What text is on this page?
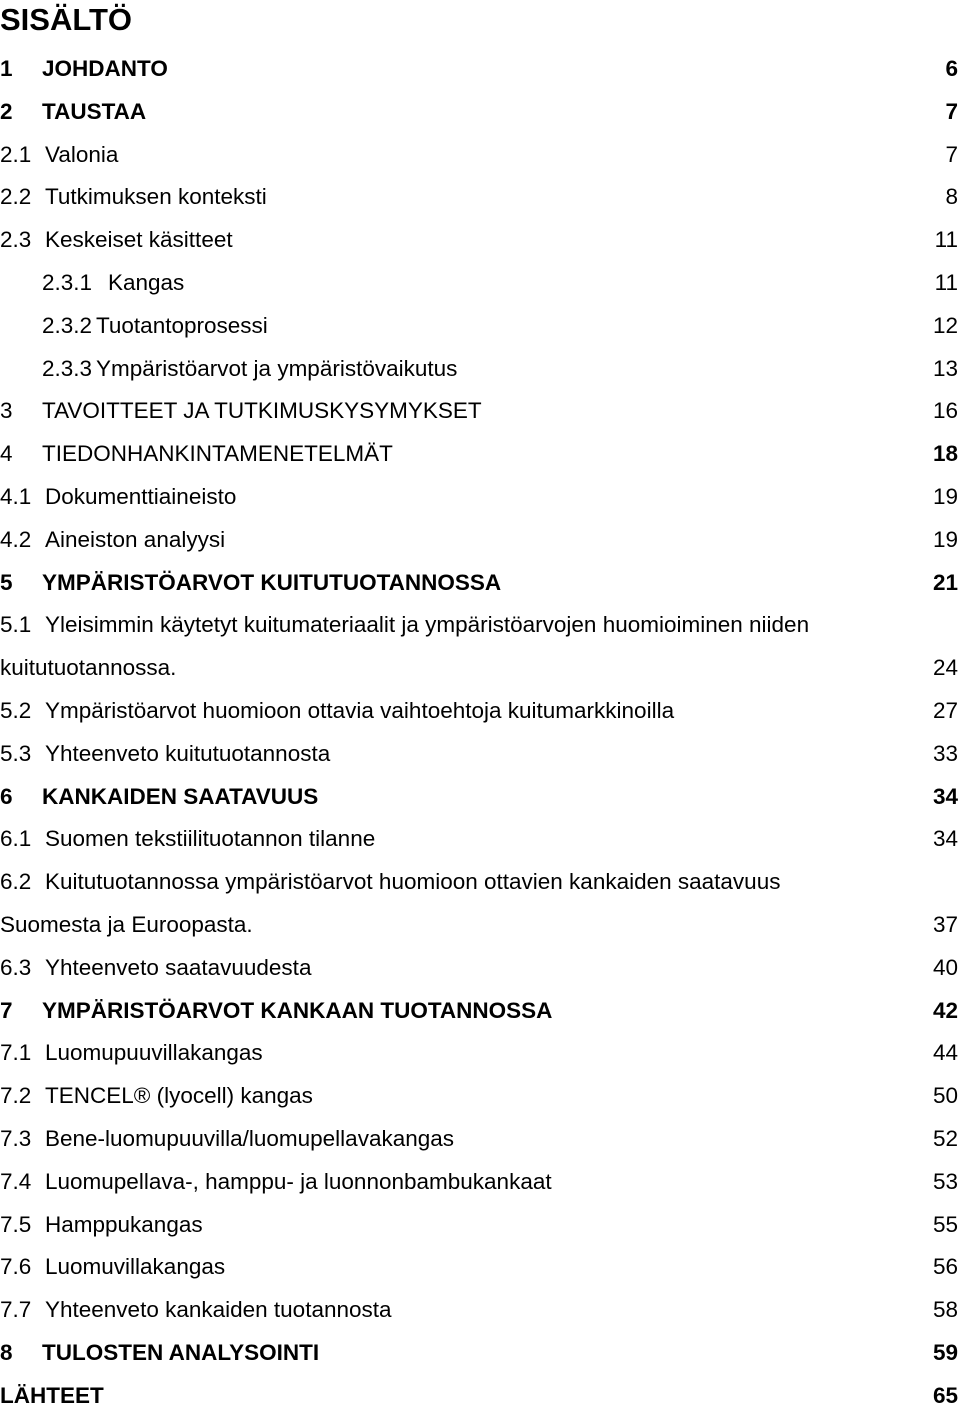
SISÄLTÖ
1 JOHDANTO	6
2 TAUSTAA	7
2.1 Valonia	7
2.2 Tutkimuksen konteksti	8
2.3 Keskeiset käsitteet	11
2.3.1 Kangas	11
2.3.2 Tuotantoprosessi	12
2.3.3 Ympäristöarvot ja ympäristövaikutus	13
3 TAVOITTEET JA TUTKIMUSKYSYMYKSET	16
4 TIEDONHANKINTAMENETELMÄT	18
4.1 Dokumenttiaineisto	19
4.2 Aineiston analyysi	19
5 YMPÄRISTÖARVOT KUITUTUOTANNOSSA	21
5.1 Yleisimmin käytetyt kuitumateriaalit ja ympäristöarvojen huomioiminen niiden
kuitutuotannossa.	24
5.2 Ympäristöarvot huomioon ottavia vaihtoehtoja kuitumarkkinoilla	27
5.3 Yhteenveto kuitutuotannosta	33
6 KANKAIDEN SAATAVUUS	34
6.1 Suomen tekstiilituotannon tilanne	34
6.2 Kuitutuotannossa ympäristöarvot huomioon ottavien kankaiden saatavuus
Suomesta ja Euroopasta.	37
6.3 Yhteenveto saatavuudesta	40
7 YMPÄRISTÖARVOT KANKAAN TUOTANNOSSA	42
7.1 Luomupuuvillakangas	44
7.2 TENCEL® (lyocell) kangas	50
7.3 Bene-luomupuuvilla/luomupellavakangas	52
7.4 Luomupellava-, hamppu- ja luonnonbambukankaat	53
7.5 Hamppukangas	55
7.6 Luomuvillakangas	56
7.7 Yhteenveto kankaiden tuotannosta	58
8 TULOSTEN ANALYSOINTI	59
LÄHTEET	65
